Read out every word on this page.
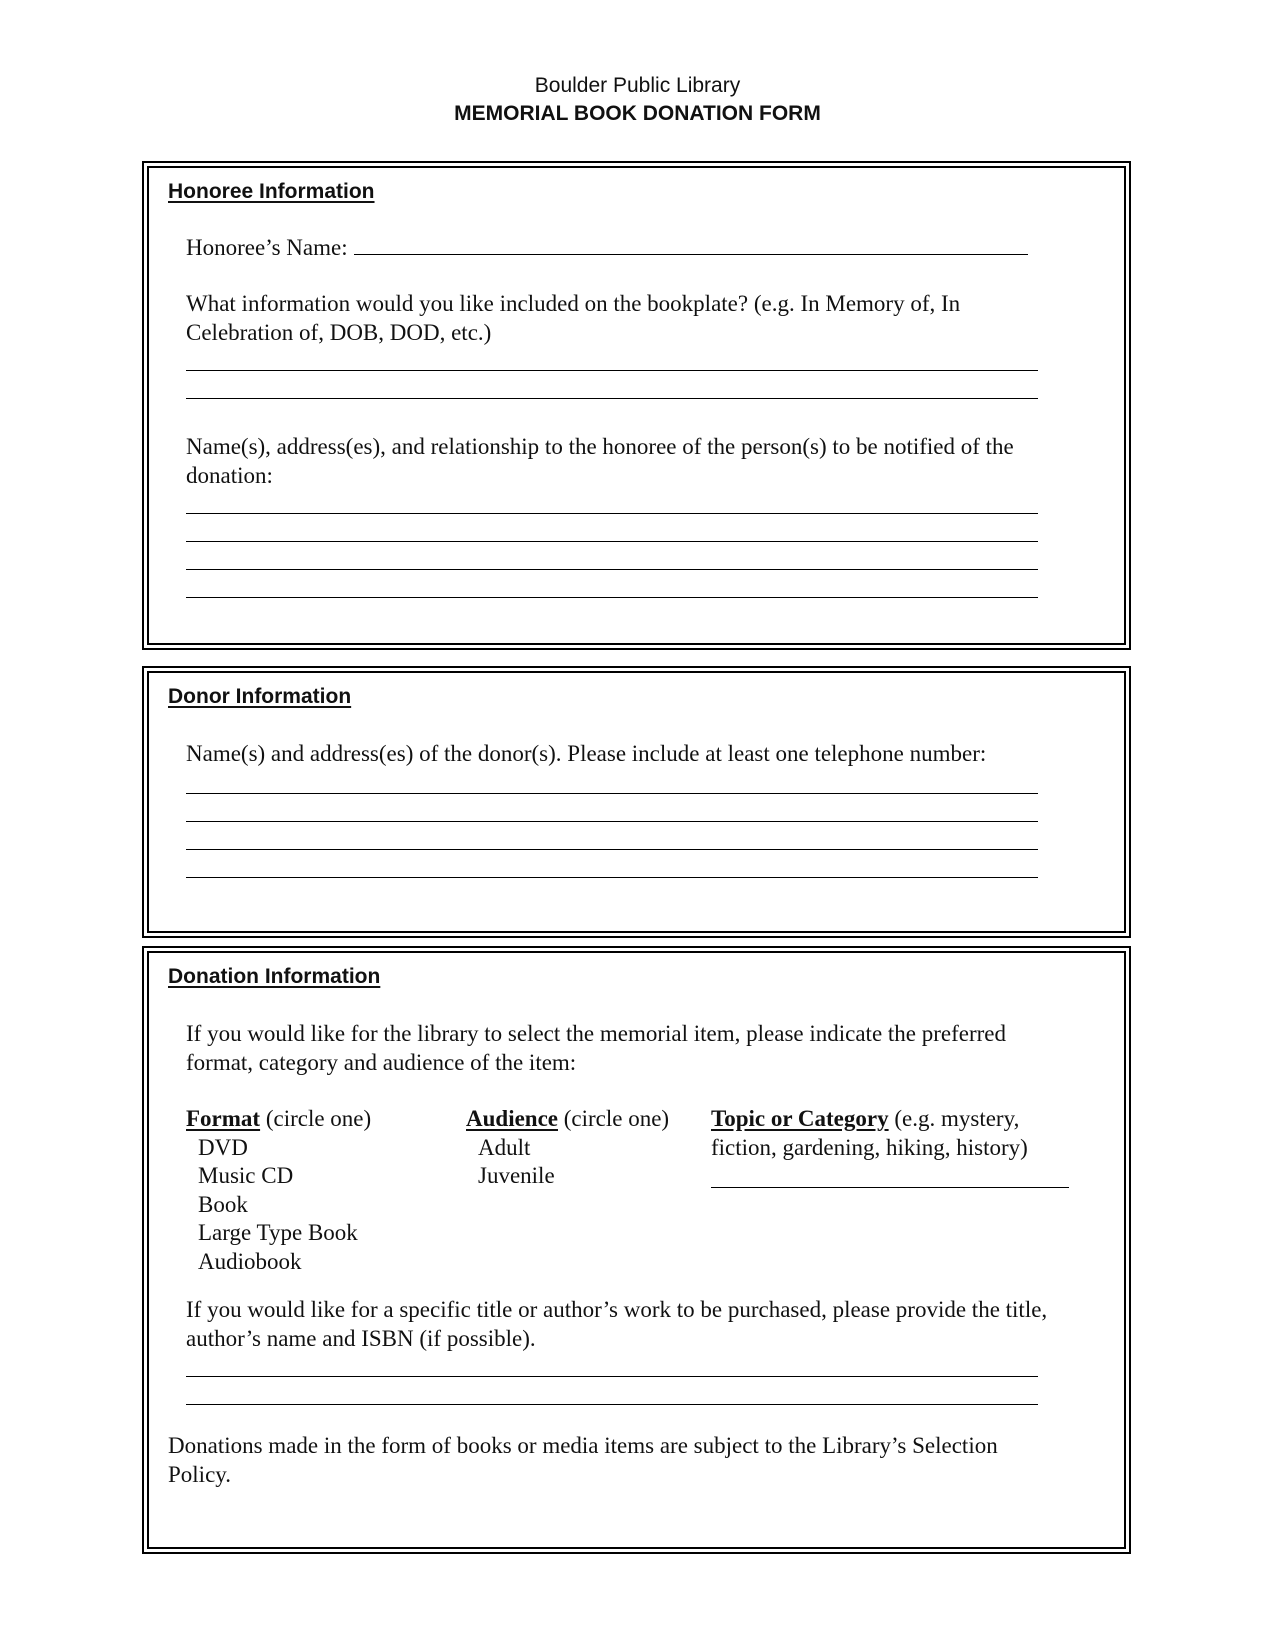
Boulder Public Library
MEMORIAL BOOK DONATION FORM
Honoree Information
Honoree’s Name:
What information would you like included on the bookplate? (e.g. In Memory of, In Celebration of, DOB, DOD, etc.)
Name(s), address(es), and relationship to the honoree of the person(s) to be notified of the donation:
Donor Information
Name(s) and address(es) of the donor(s). Please include at least one telephone number:
Donation Information
If you would like for the library to select the memorial item, please indicate the preferred format, category and audience of the item:
Format (circle one)
DVD
Music CD
Book
Large Type Book
Audiobook
Audience (circle one)
Adult
Juvenile
Topic or Category (e.g. mystery,
fiction, gardening, hiking, history)
If you would like for a specific title or author’s work to be purchased, please provide the title, author’s name and ISBN (if possible).
Donations made in the form of books or media items are subject to the Library’s Selection Policy.
